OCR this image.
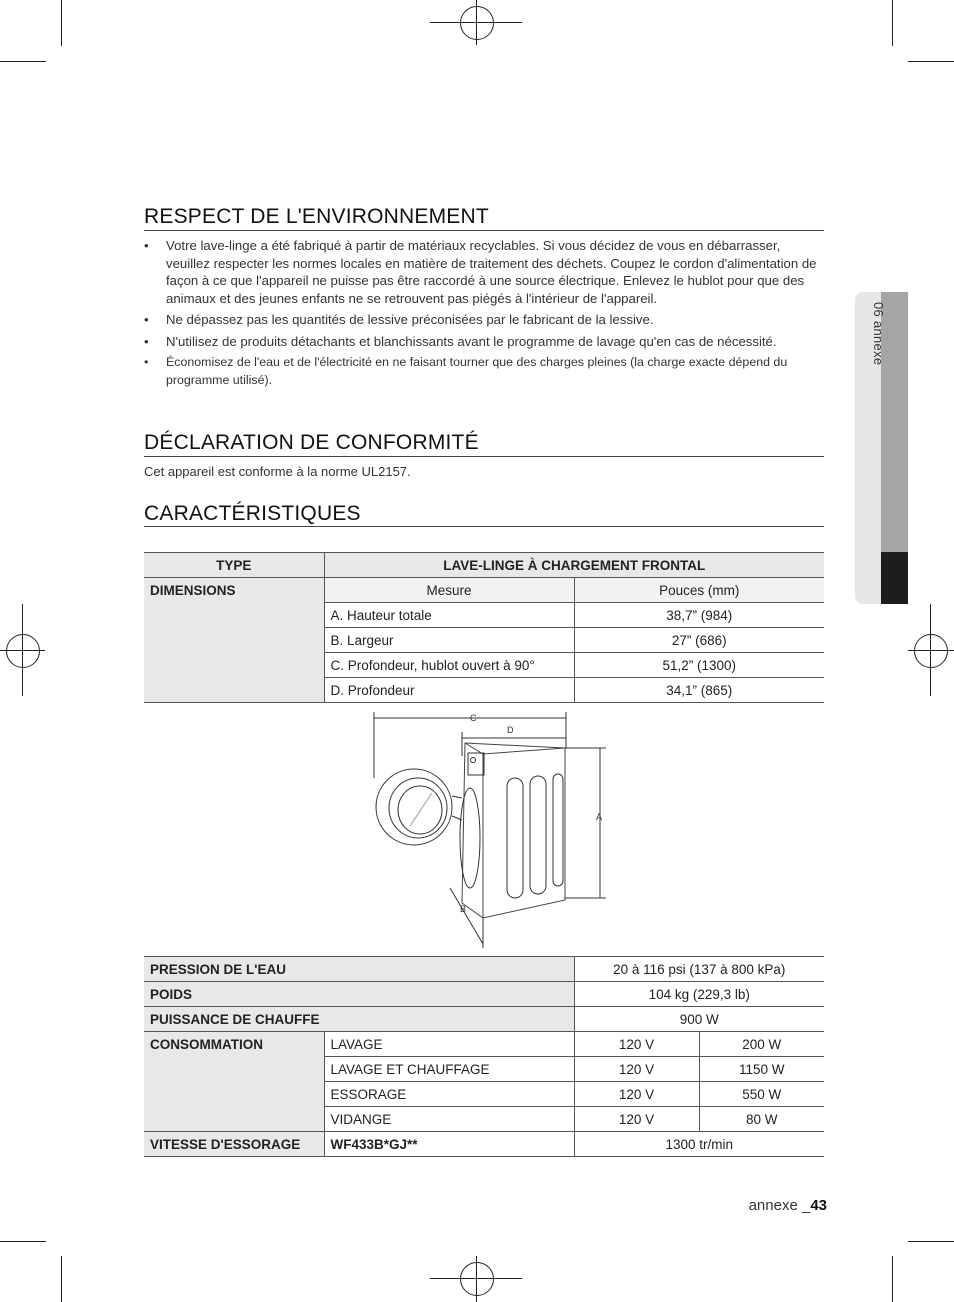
06 annexe
RESPECT DE L'ENVIRONNEMENT
• Votre lave-linge a été fabriqué à partir de matériaux recyclables. Si vous décidez de vous en débarrasser, veuillez respecter les normes locales en matière de traitement des déchets. Coupez le cordon d'alimentation de façon à ce que l'appareil ne puisse pas être raccordé à une source électrique. Enlevez le hublot pour que des animaux et des jeunes enfants ne se retrouvent pas piégés à l'intérieur de l'appareil.
• Ne dépassez pas les quantités de lessive préconisées par le fabricant de la lessive.
• N'utilisez de produits détachants et blanchissants avant le programme de lavage qu'en cas de nécessité.
• Économisez de l'eau et de l'électricité en ne faisant tourner que des charges pleines (la charge exacte dépend du programme utilisé).
DÉCLARATION DE CONFORMITÉ
Cet appareil est conforme à la norme UL2157.
CARACTÉRISTIQUES
TYPE	LAVE-LINGE À CHARGEMENT FRONTAL	
DIMENSIONS	Mesure	Pouces (mm)
	A. Hauteur totale	38,7” (984)
	B. Largeur	27” (686)
	C. Profondeur, hublot ouvert à 90°	51,2” (1300)
	D. Profondeur	34,1” (865)
C
D
A
B
PRESSION DE L'EAU		20 à 116 psi (137 à 800 kPa)	
POIDS		104 kg (229,3 lb)	
PUISSANCE DE CHAUFFE		900 W	
CONSOMMATION	LAVAGE	120 V	200 W
	LAVAGE ET CHAUFFAGE	120 V	1150 W
	ESSORAGE	120 V	550 W
	VIDANGE	120 V	80 W
VITESSE D'ESSORAGE	WF433B*GJ**	1300 tr/min	
annexe _43
